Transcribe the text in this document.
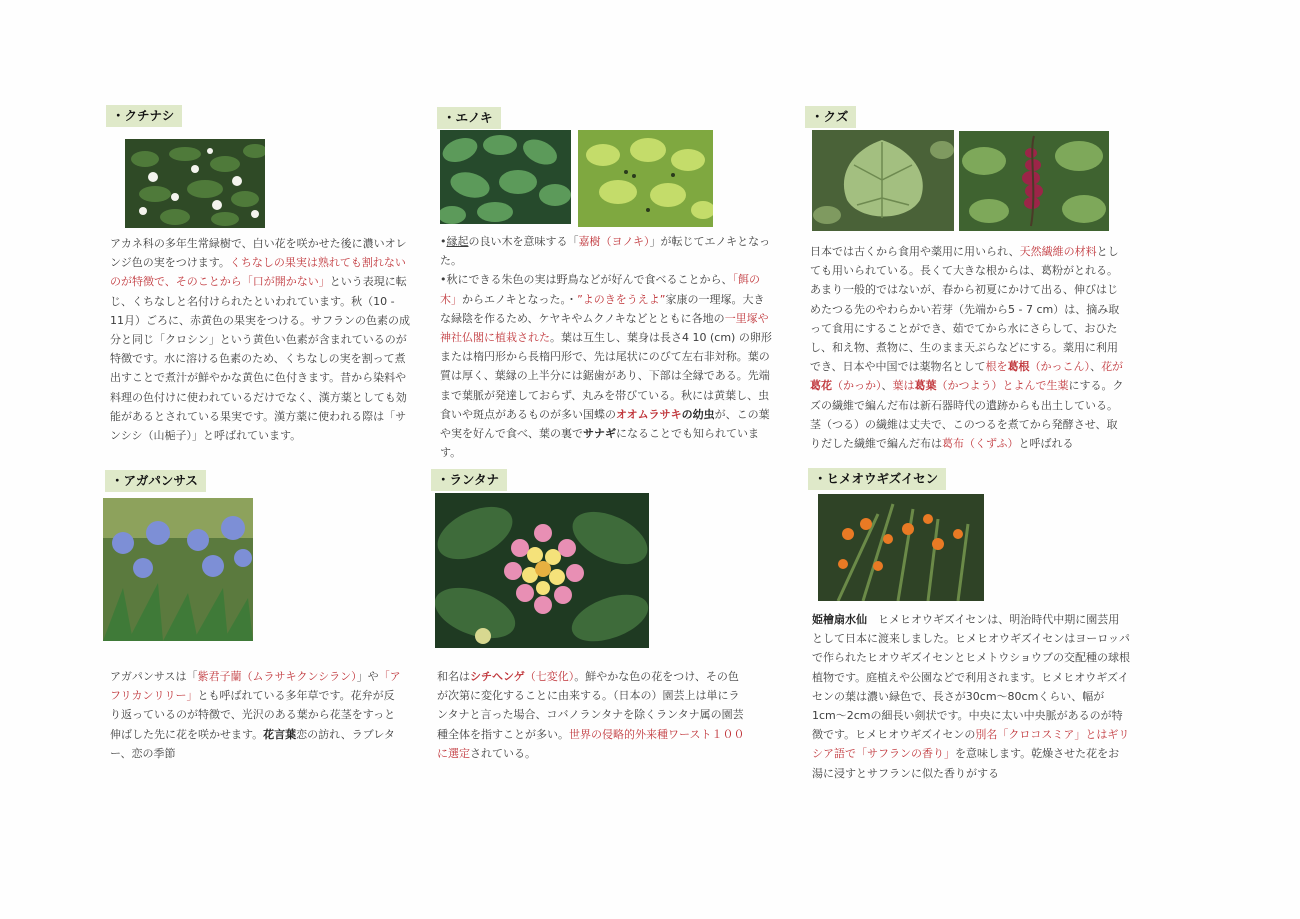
・クチナシ

アカネ科の多年生常緑樹で、白い花を咲かせた後に濃いオレンジ色の実をつけます。くちなしの果実は熟れても割れないのが特徴で、そのことから「口が開かない」という表現に転じ、くちなしと名付けられたといわれています。秋（10 - 11月）ごろに、赤黄色の果実をつける。サフランの色素の成分と同じ「クロシン」という黄色い色素が含まれているのが特徴です。水に溶ける色素のため、くちなしの実を割って煮出すことで煮汁が鮮やかな黄色に色付きます。昔から染料や料理の色付けに使われているだけでなく、漢方薬としても効能があるとされている果実です。漢方薬に使われる際は「サンシシ（山梔子）」と呼ばれています。

・エノキ

•縁起の良い木を意味する「嘉樹（ヨノキ）」が転じてエノキとなった。
•秋にできる朱色の実は野鳥などが好んで食べることから、「餌の木」からエノキとなった。・”よのきをうえよ”家康の一理塚。大きな緑陰を作るため、ケヤキやムクノキなどとともに各地の一里塚や神社仏閣に植栽された。葉は互生し、葉身は長さ4 10 (cm) の卵形または楕円形から長楕円形で、先は尾状にのびて左右非対称。葉の質は厚く、葉縁の上半分には鋸歯があり、下部は全縁である。先端まで葉脈が発達しておらず、丸みを帯びている。秋には黄葉し、虫食いや斑点があるものが多い国蝶のオオムラサキの幼虫が、この葉や実を好んで食べ、葉の裏でサナギになることでも知られています。

・クズ

日本では古くから食用や薬用に用いられ、天然繊維の材料としても用いられている。長くて大きな根からは、葛粉がとれる。あまり一般的ではないが、春から初夏にかけて出る、伸びはじめたつる先のやわらかい若芽（先端から5 - 7 cm）は、摘み取って食用にすることができ、茹でてから水にさらして、おひたし、和え物、煮物に、生のまま天ぷらなどにする。薬用に利用でき、日本や中国では薬物名として根を葛根（かっこん）、花が葛花（かっか）、葉は葛葉（かつよう）とよんで生薬にする。クズの繊維で編んだ布は新石器時代の遺跡からも出土している。茎（つる）の繊維は丈夫で、このつるを煮てから発酵させ、取りだした繊維で編んだ布は葛布（くずふ）と呼ばれる

・アガパンサス

アガパンサスは「紫君子蘭（ムラサキクンシラン）」や「アフリカンリリー」とも呼ばれている多年草です。花弁が反り返っているのが特徴で、光沢のある葉から花茎をすっと伸ばした先に花を咲かせます。花言葉恋の訪れ、ラブレター、恋の季節

・ランタナ

和名はシチヘンゲ（七変化）。鮮やかな色の花をつけ、その色が次第に変化することに由来する。（日本の）園芸上は単にランタナと言った場合、コバノランタナを除くランタナ属の園芸種全体を指すことが多い。世界の侵略的外来種ワースト１００に選定されている。

・ヒメオウギズイセン

姫檜扇水仙　ヒメヒオウギズイセンは、明治時代中期に園芸用として日本に渡来しました。ヒメヒオウギズイセンはヨーロッパで作られたヒオウギズイセンとヒメトウショウブの交配種の球根植物です。庭植えや公園などで利用されます。ヒメヒオウギズイセンの葉は濃い緑色で、長さが30cm〜80cmくらい、幅が1cm〜2cmの細長い剣状です。中央に太い中央脈があるのが特徴です。ヒメヒオウギズイセンの別名「クロコスミア」とはギリシア語で「サフランの香り」を意味します。乾燥させた花をお湯に浸すとサフランに似た香りがする
